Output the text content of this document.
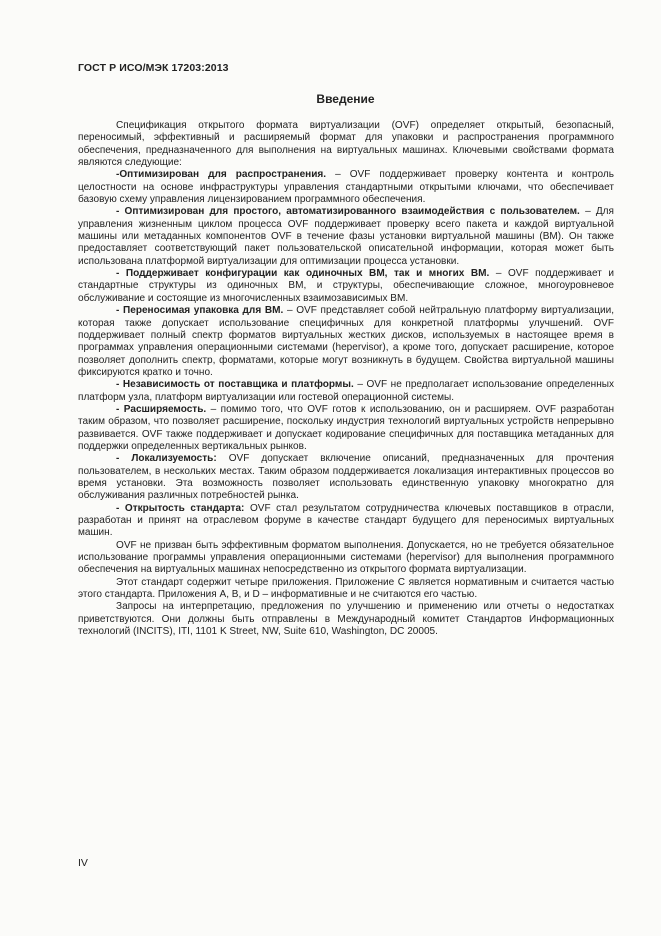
ГОСТ Р ИСО/МЭК 17203:2013
Введение

Спецификация открытого формата виртуализации (OVF) определяет открытый, безопасный, переносимый, эффективный и расширяемый формат для упаковки и распространения программного обеспечения, предназначенного для выполнения на виртуальных машинах. Ключевыми свойствами формата являются следующие:

-Оптимизирован для распространения. – OVF поддерживает проверку контента и контроль целостности на основе инфраструктуры управления стандартными открытыми ключами, что обеспечивает базовую схему управления лицензированием программного обеспечения.

- Оптимизирован для простого, автоматизированного взаимодействия с пользователем. – Для управления жизненным циклом процесса OVF поддерживает проверку всего пакета и каждой виртуальной машины или метаданных компонентов OVF в течение фазы установки виртуальной машины (ВМ). Он также предоставляет соответствующий пакет пользовательской описательной информации, которая может быть использована платформой виртуализации для оптимизации процесса установки.

- Поддерживает конфигурации как одиночных ВМ, так и многих ВМ. – OVF поддерживает и стандартные структуры из одиночных ВМ, и структуры, обеспечивающие сложное, многоуровневое обслуживание и состоящие из многочисленных взаимозависимых ВМ.

- Переносимая упаковка для ВМ. – OVF представляет собой нейтральную платформу виртуализации, которая также допускает использование специфичных для конкретной платформы улучшений. OVF поддерживает полный спектр форматов виртуальных жестких дисков, используемых в настоящее время в программах управления операционными системами (hepervisor), а кроме того, допускает расширение, которое позволяет дополнить спектр, форматами, которые могут возникнуть в будущем. Свойства виртуальной машины фиксируются кратко и точно.

- Независимость от поставщика и платформы. – OVF не предполагает использование определенных платформ узла, платформ виртуализации или гостевой операционной системы.

- Расширяемость. – помимо того, что OVF готов к использованию, он и расширяем. OVF разработан таким образом, что позволяет расширение, поскольку индустрия технологий виртуальных устройств непрерывно развивается. OVF также поддерживает и допускает кодирование специфичных для поставщика метаданных для поддержки определенных вертикальных рынков.

- Локализуемость: OVF допускает включение описаний, предназначенных для прочтения пользователем, в нескольких местах. Таким образом поддерживается локализация интерактивных процессов во время установки. Эта возможность позволяет использовать единственную упаковку многократно для обслуживания различных потребностей рынка.

- Открытость стандарта: OVF стал результатом сотрудничества ключевых поставщиков в отрасли, разработан и принят на отраслевом форуме в качестве стандарт будущего для переносимых виртуальных машин.

OVF не призван быть эффективным форматом выполнения. Допускается, но не требуется обязательное использование программы управления операционными системами (hepervisor) для выполнения программного обеспечения на виртуальных машинах непосредственно из открытого формата виртуализации.

Этот стандарт содержит четыре приложения. Приложение C является нормативным и считается частью этого стандарта. Приложения A, B, и D – информативные и не считаются его частью.

Запросы на интерпретацию, предложения по улучшению и применению или отчеты о недостатках приветствуются. Они должны быть отправлены в Международный комитет Стандартов Информационных технологий (INCITS), ITI, 1101 K Street, NW, Suite 610, Washington, DC 20005.

IV
